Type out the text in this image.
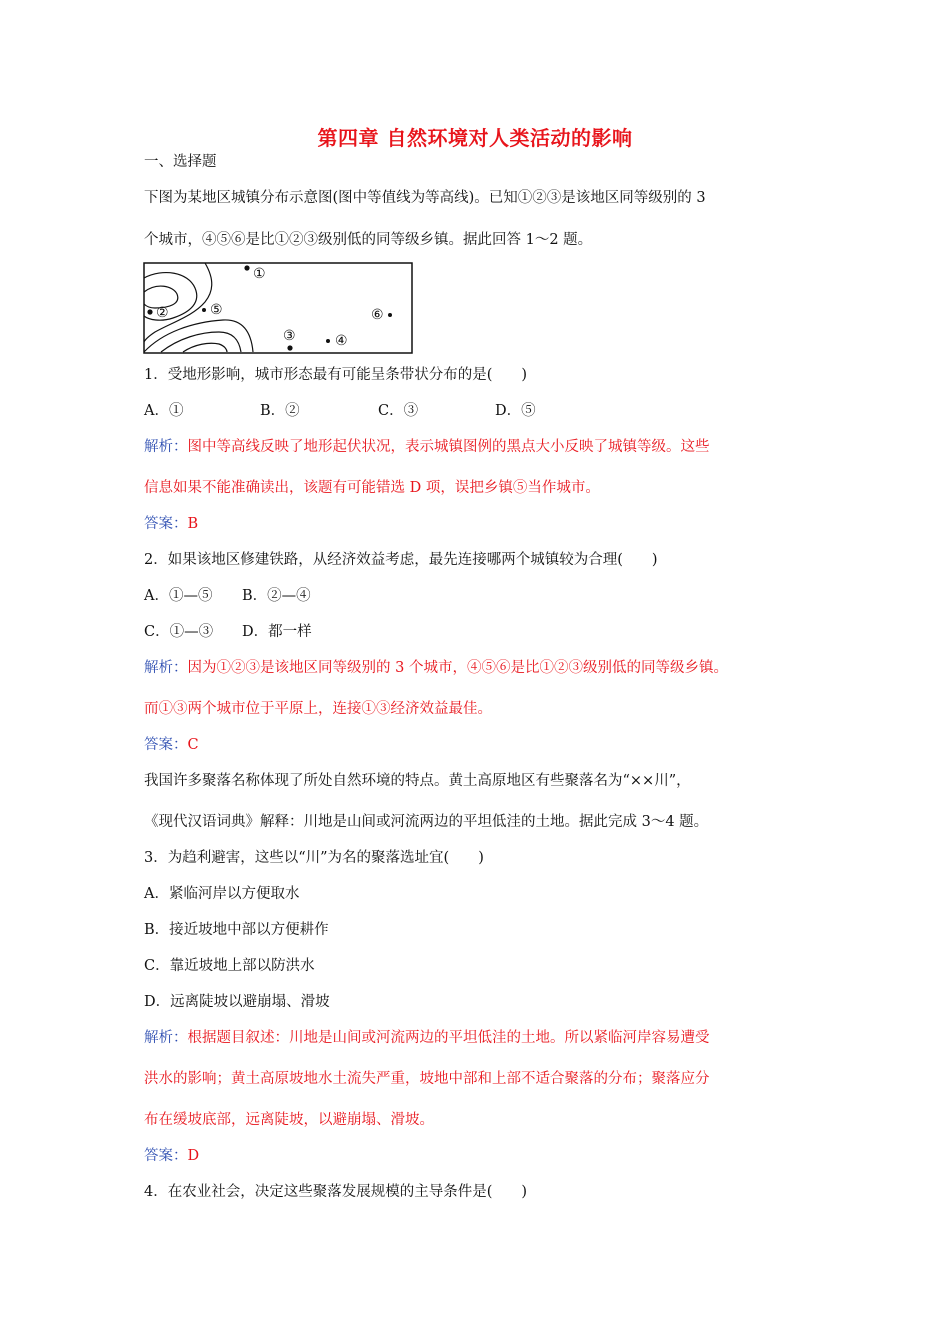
第四章 自然环境对人类活动的影响
一、选择题
下图为某地区城镇分布示意图(图中等值线为等高线)。已知①②③是该地区同等级别的 3
个城市，④⑤⑥是比①②③级别低的同等级乡镇。据此回答 1～2 题。
①
②
③	④
⑤	⑥
1．受地形影响，城市形态最有可能呈条带状分布的是(　　)
A．①	B．②	C．③	D．⑤
解析：图中等高线反映了地形起伏状况，表示城镇图例的黑点大小反映了城镇等级。这些
信息如果不能准确读出，该题有可能错选 D 项，误把乡镇⑤当作城市。
答案：B
2．如果该地区修建铁路，从经济效益考虑，最先连接哪两个城镇较为合理(　　)
A．①—⑤ B．②—④
C．①—③ D．都一样
解析：因为①②③是该地区同等级别的 3 个城市，④⑤⑥是比①②③级别低的同等级乡镇。
而①③两个城市位于平原上，连接①③经济效益最佳。
答案：C
我国许多聚落名称体现了所处自然环境的特点。黄土高原地区有些聚落名为“××川”，
《现代汉语词典》解释：川地是山间或河流两边的平坦低洼的土地。据此完成 3～4 题。
3．为趋利避害，这些以“川”为名的聚落选址宜(　　)
A．紧临河岸以方便取水
B．接近坡地中部以方便耕作
C．靠近坡地上部以防洪水
D．远离陡坡以避崩塌、滑坡
解析：根据题目叙述：川地是山间或河流两边的平坦低洼的土地。所以紧临河岸容易遭受
洪水的影响；黄土高原坡地水土流失严重，坡地中部和上部不适合聚落的分布；聚落应分
布在缓坡底部，远离陡坡，以避崩塌、滑坡。
答案：D
4．在农业社会，决定这些聚落发展规模的主导条件是(　　)
